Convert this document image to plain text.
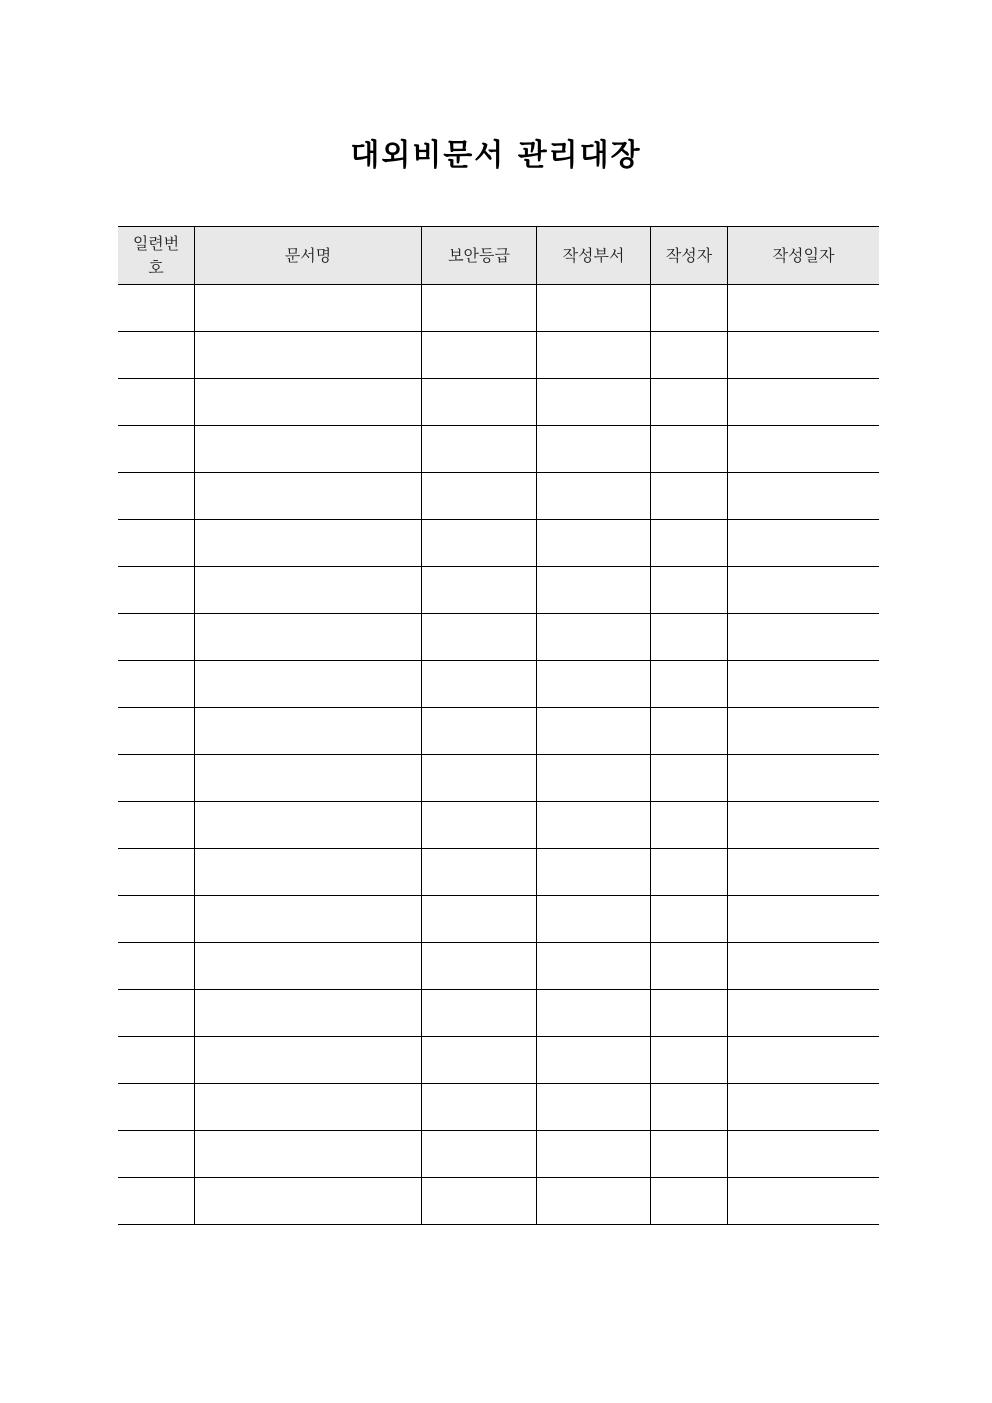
대외비문서 관리대장
일련번호	문서명	보안등급	작성부서	작성자	작성일자
